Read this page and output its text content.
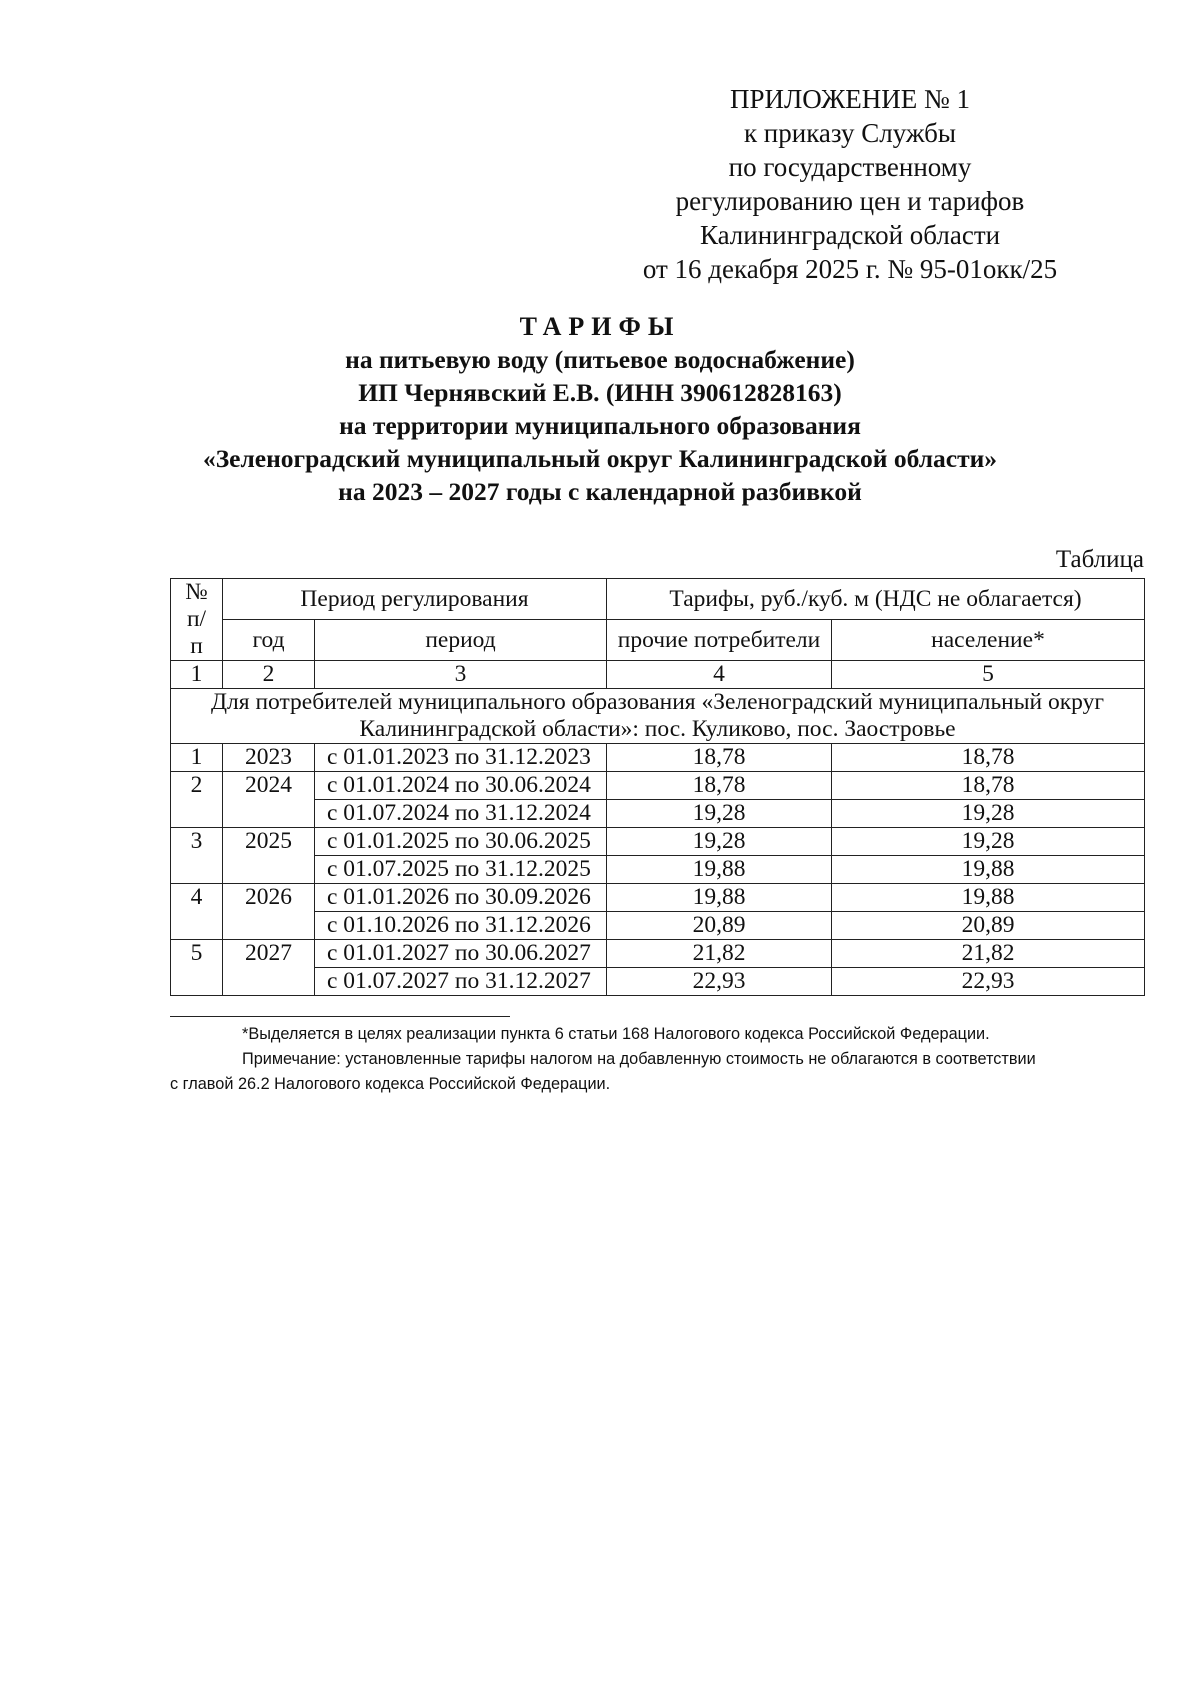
ПРИЛОЖЕНИЕ № 1
к приказу Службы
по государственному
регулированию цен и тарифов
Калининградской области
от 16 декабря 2025 г. № 95-01окк/25
ТАРИФЫ
на питьевую воду (питьевое водоснабжение)
ИП Чернявский Е.В. (ИНН 390612828163)
на территории муниципального образования
«Зеленоградский муниципальный округ Калининградской области»
на 2023 – 2027 годы с календарной разбивкой
Таблица
№ п/п	Период регулирования		Тарифы, руб./куб. м (НДС не облагается)	
	год	период	прочие потребители	население*
1	2	3	4	5
Для потребителей муниципального образования «Зеленоградский муниципальный округ Калининградской области»: пос. Куликово, пос. Заостровье				
1	2023	с 01.01.2023 по 31.12.2023	18,78	18,78
2	2024	с 01.01.2024 по 30.06.2024	18,78	18,78
		с 01.07.2024 по 31.12.2024	19,28	19,28
3	2025	с 01.01.2025 по 30.06.2025	19,28	19,28
		с 01.07.2025 по 31.12.2025	19,88	19,88
4	2026	с 01.01.2026 по 30.09.2026	19,88	19,88
		с 01.10.2026 по 31.12.2026	20,89	20,89
5	2027	с 01.01.2027 по 30.06.2027	21,82	21,82
		с 01.07.2027 по 31.12.2027	22,93	22,93
*Выделяется в целях реализации пункта 6 статьи 168 Налогового кодекса Российской Федерации.
Примечание: установленные тарифы налогом на добавленную стоимость не облагаются в соответствии
с главой 26.2 Налогового кодекса Российской Федерации.
